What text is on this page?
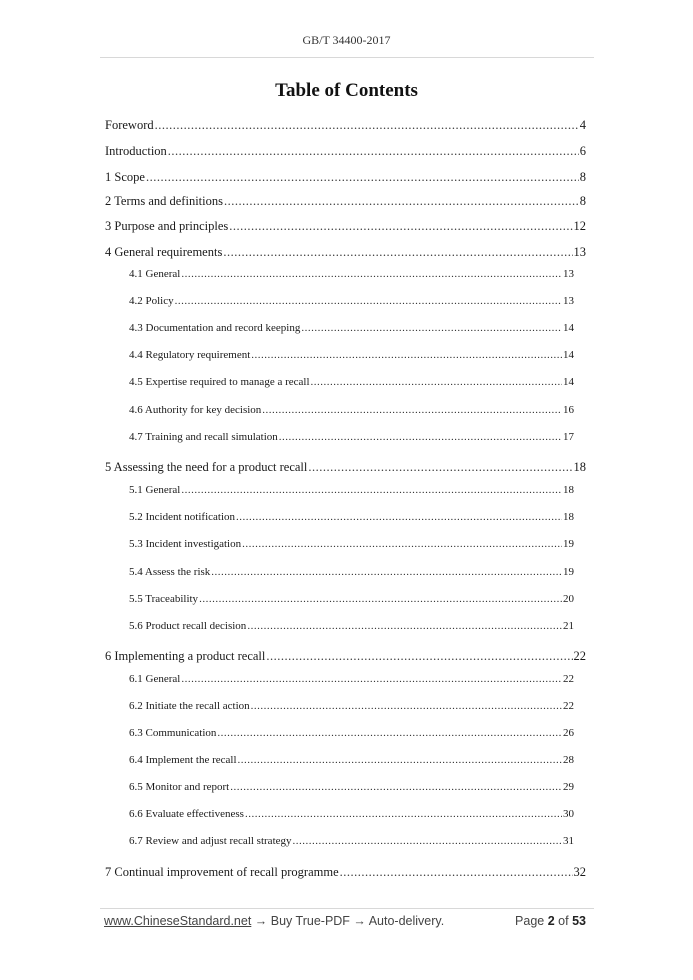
GB/T 34400-2017
Table of Contents
Foreword .....	4
Introduction .....	6
1 Scope .....	8
2 Terms and definitions .....	8
3 Purpose and principles .....	12
4 General requirements .....	13
4.1 General .....	13
4.2 Policy .....	13
4.3 Documentation and record keeping .....	14
4.4 Regulatory requirement .....	14
4.5 Expertise required to manage a recall .....	14
4.6 Authority for key decision .....	16
4.7 Training and recall simulation .....	17
5 Assessing the need for a product recall .....	18
5.1 General .....	18
5.2 Incident notification .....	18
5.3 Incident investigation .....	19
5.4 Assess the risk .....	19
5.5 Traceability .....	20
5.6 Product recall decision .....	21
6 Implementing a product recall .....	22
6.1 General .....	22
6.2 Initiate the recall action .....	22
6.3 Communication .....	26
6.4 Implement the recall .....	28
6.5 Monitor and report .....	29
6.6 Evaluate effectiveness .....	30
6.7 Review and adjust recall strategy .....	31
7 Continual improvement of recall programme .....	32
www.ChineseStandard.net → Buy True-PDF → Auto-delivery.	Page 2 of 53
